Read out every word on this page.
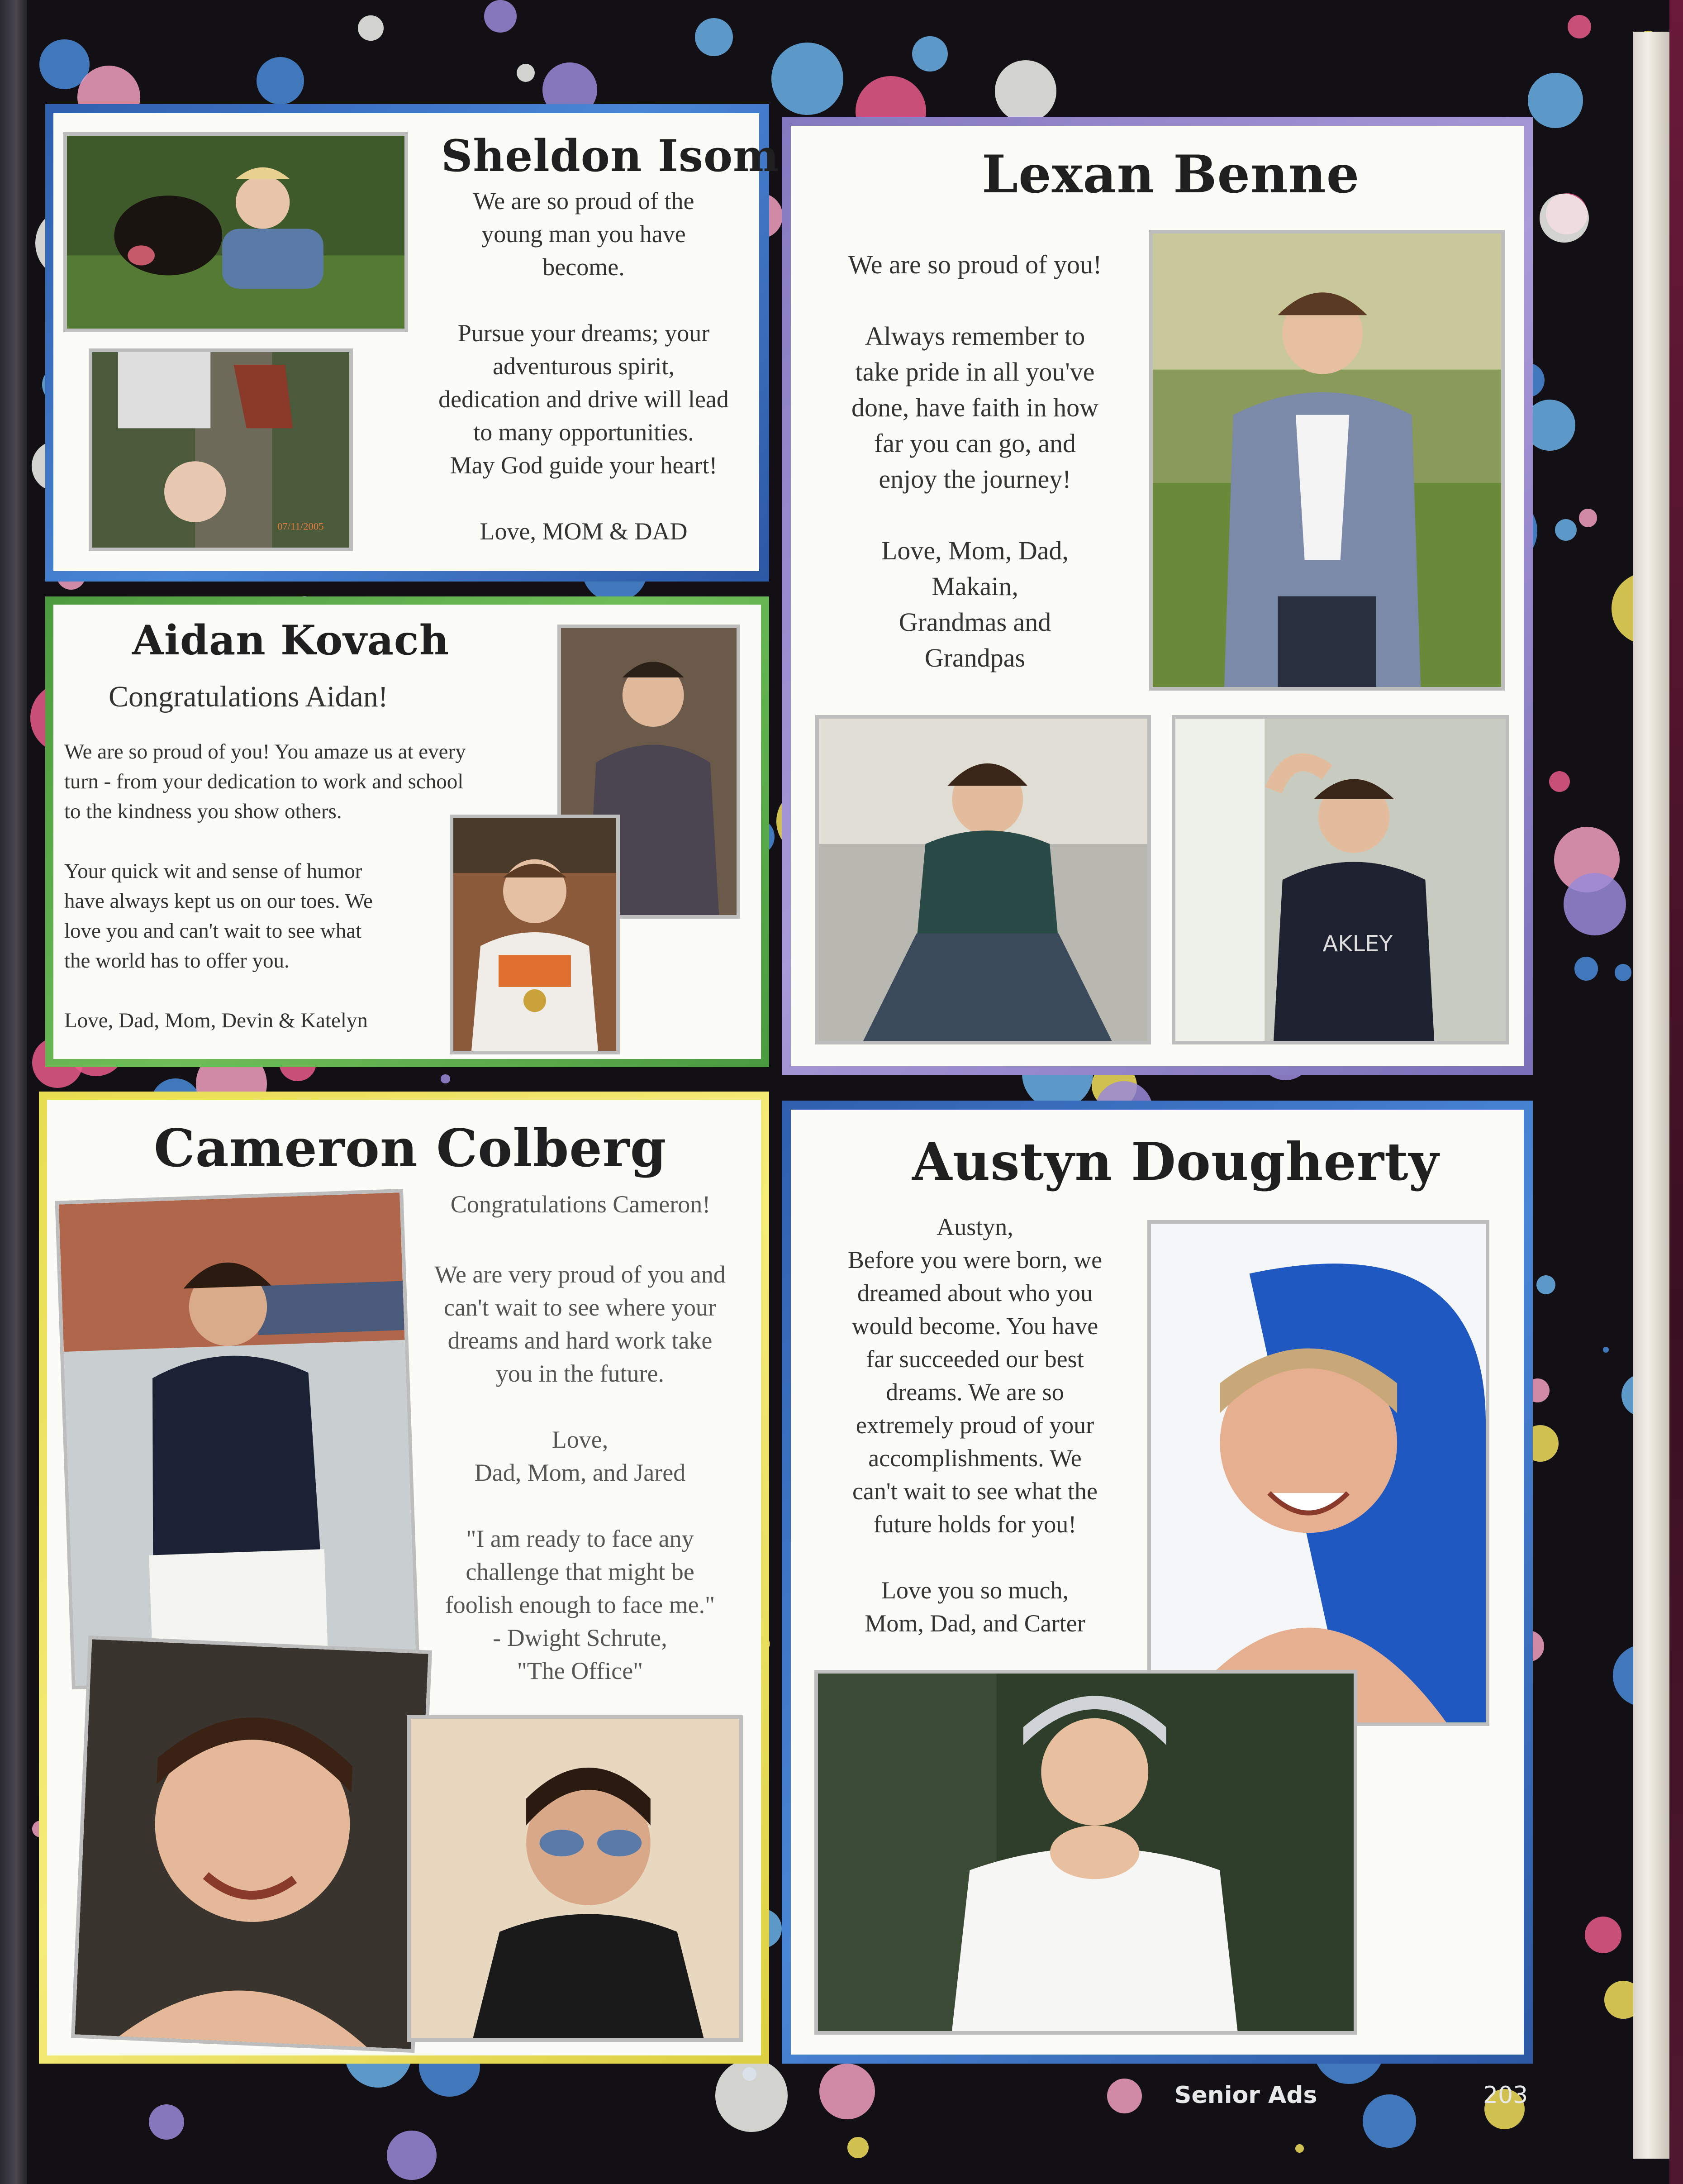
07/11/2005
Sheldon Isom
We are so proud of the
young man you have
become.

Pursue your dreams; your
adventurous spirit,
dedication and drive will lead
to many opportunities.
May God guide your heart!

Love, MOM & DAD
Aidan Kovach
Congratulations Aidan!
We are so proud of you! You amaze us at every
turn - from your dedication to work and school
to the kindness you show others.

Your quick wit and sense of humor
have always kept us on our toes. We
love you and can't wait to see what
the world has to offer you.

Love, Dad, Mom, Devin & Katelyn
Lexan Benne
We are so proud of you!

Always remember to
take pride in all you've
done, have faith in how
far you can go, and
enjoy the journey!

Love, Mom, Dad,
Makain,
Grandmas and
Grandpas
AKLEY
Cameron Colberg
Congratulations Cameron!
We are very proud of you and
can't wait to see where your
dreams and hard work take
you in the future.

Love,
Dad, Mom, and Jared

"I am ready to face any
challenge that might be
foolish enough to face me."
- Dwight Schrute,
"The Office"
Austyn Dougherty
Austyn,
Before you were born, we
dreamed about who you
would become. You have
far succeeded our best
dreams. We are so
extremely proud of your
accomplishments. We
can't wait to see what the
future holds for you!

Love you so much,
Mom, Dad, and Carter
Senior Ads	203
